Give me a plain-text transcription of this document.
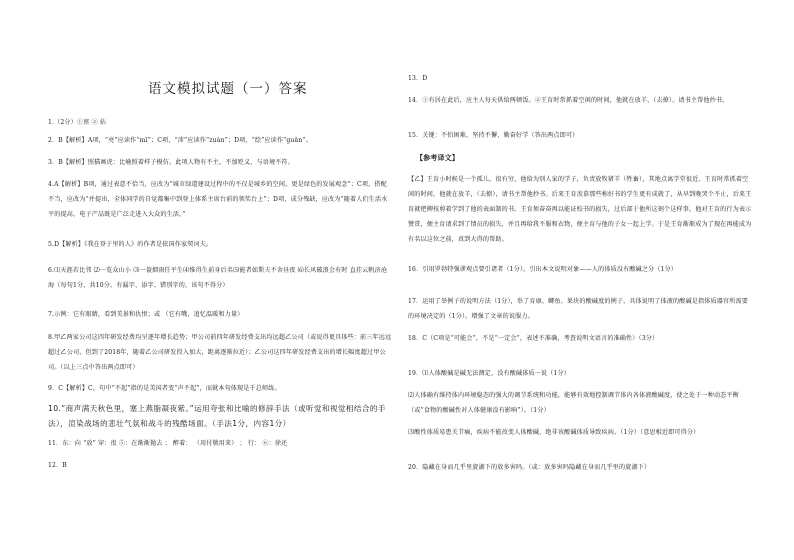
语文模拟试题（一）答案
1.（2分）①禀 ② 拈
2．B【解析】A项，“亮”应读作“mī”；C项，“沛”应读作“zuàn”；D项，“绘”应读作“guǎn”。
3．B【解析】照猫画虎：比喻照着样子模仿。此项人物有不主，不加贬义，与语境不符。
4.A【解析】B项，通过表意不恰当，应改为“城市绿道建设过程中的不仅是城乡的空间，更是绿色的发展观念”；C项，搭配不当，应改为“并提出，全体同学的自觉都集中到登上体系主席台前的领奖台上”；D项，成分残缺，应改为“随着人们生活水平的提高，电子产品既是广泛走进入大众的生活。”
5.D【解析】《我在登于里的人》的作者是依国作家契诃夫。
6.⑴天涯若比邻 ⑵一览众山小 ⑶一蓑烟雨任平生⑷惟得生前身后名⑸能者如斯夫不舍昼夜 ⑹长风破浪会有时 直挂云帆济沧海（每句1分，共10分。有漏字、添字、错别字的，该句不得分）
7.示例：它有眼睛，看到美景和仇恨；或 （它有嘴，追忆温暖和力量）
8.甲乙两家公司这四年研发经费均呈逐年增长趋势；甲公司前四年研发经费支出均远超乙公司（或说得更具体些：前三年远远超过乙公司，但到了2018年，随着乙公司研发投入加大，距离逐渐拉近）；乙公司这四年研发经费支出的增长幅度超过甲公司。（以上三点中答出两点即可）
9．C【解析】C，句中“不起”指的是美国者变“声不起”，而就本句体现是千总师练。
10.“商声满天秋色里，塞上燕脂凝夜紫。”运用夸张和比喻的修辞手法（或听觉和视觉相结合的手法），渲染战场的悲壮气氛和战斗的残酷场面。（手法1分，内容1分）
11．东：向 “放” 穿：很 ⑤：在渐渐抛去 ； 醉着： （用付敬用来） ； 行： ⑥：徐还
12．B
13．D
14．①有居在此后，应主人每天供给两顿饭。②王育时常抓着空闲的时间，他就在放羊，（去撩）。请书主帮他抄书。
15．关键：不怕困难，坚持不懈，勤奋好学（答出两点即可）
【参考译文】
【乙】王育小时候是一个孤儿，很有穷，他给为别人家的学子，负责放牧猪羊（牲畜），其地点离学堂很近。王育时常抓着空闲的时间，他就在放羊，（去撩），请书主帮他抄书。后来王育羡慕那些称好书的学生更有成就了，从早到晚哭个不止，后来王育就把柳枝剪着学到了他的表面制的书。王育须奋奋再以能证校书的损失，过后部于他所这刻个这样事，他对王育的行为表示赞赏，便主育请求到了情员的损失，并且再给我不服和衣物，便主育与他的子女一起上学。于是王育渐渐成为了现在再能成为有名以这位之前，真到大得的帮助。
16．引用罗勃特强谬观点要引诸者（1分）。引出本文说明对象——人的体质没有酸碱之分（1分）
17．运用了举例子的说明方法（1分），举了育康、鲫鱼、果块的酸碱度的例子，具体说明了体液的酸碱是指体质器官所需要的环境决定的（1分）。增强了文章的说服力。
18．C（C项是“可能会”，不是“一定会”，表述不准确，考查说明文语言的准确性）（3分）
19．⑴人体酸碱是碱无法测定，没有酸碱体质一说（1分）
⑵人体确有维持体内环境稳态的强大的调节系统和功能，能够有效地控制调节体内各体液酸碱度，使之处于一种动态平衡（或“食物的酸碱性对人体健康没有影响”）。（1分）
⑶酸性体质易患关节痛，疾病不能改变人体酸碱，绝非该酸碱体质导致疾病。（1分）（意思相近即可得分）
20．隐藏在身而几乎里旋湖下的放多害吗。（或：放多害吗隐藏在身而几乎里的旋湖下）
